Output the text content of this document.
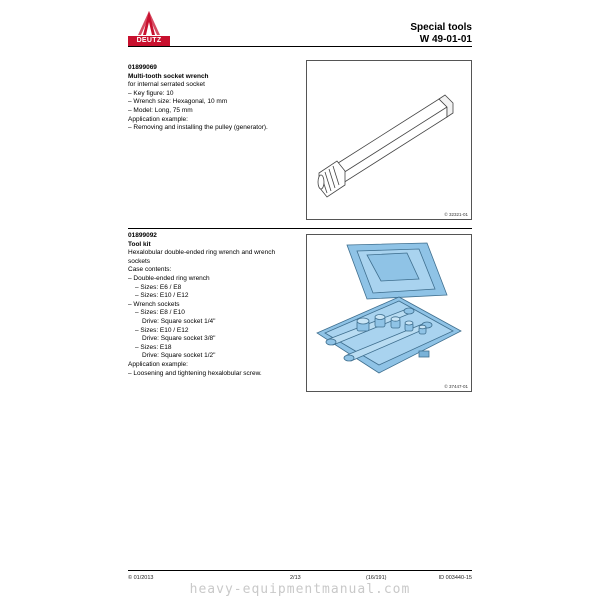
DEUTZ
Special tools
W 49-01-01
01899069
Multi-tooth socket wrench
for internal serrated socket
– Key figure: 10
– Wrench size: Hexagonal, 10 mm
– Model: Long, 75 mm
Application example:
– Removing and installing the pulley (generator).
© 32321-01
01899092
Tool kit
Hexalobular double-ended ring wrench and wrench
sockets
Case contents:
– Double-ended ring wrench
– Sizes: E6 / E8
– Sizes: E10 / E12
– Wrench sockets
– Sizes: E8 / E10
Drive: Square socket 1/4"
– Sizes: E10 / E12
Drive: Square socket 3/8"
– Sizes: E18
Drive: Square socket 1/2"
Application example:
– Loosening and tightening hexalobular screw.
© 37447-01
© 01/2013	2/13	(16/191)	ID 003440-15
heavy-equipmentmanual.com
